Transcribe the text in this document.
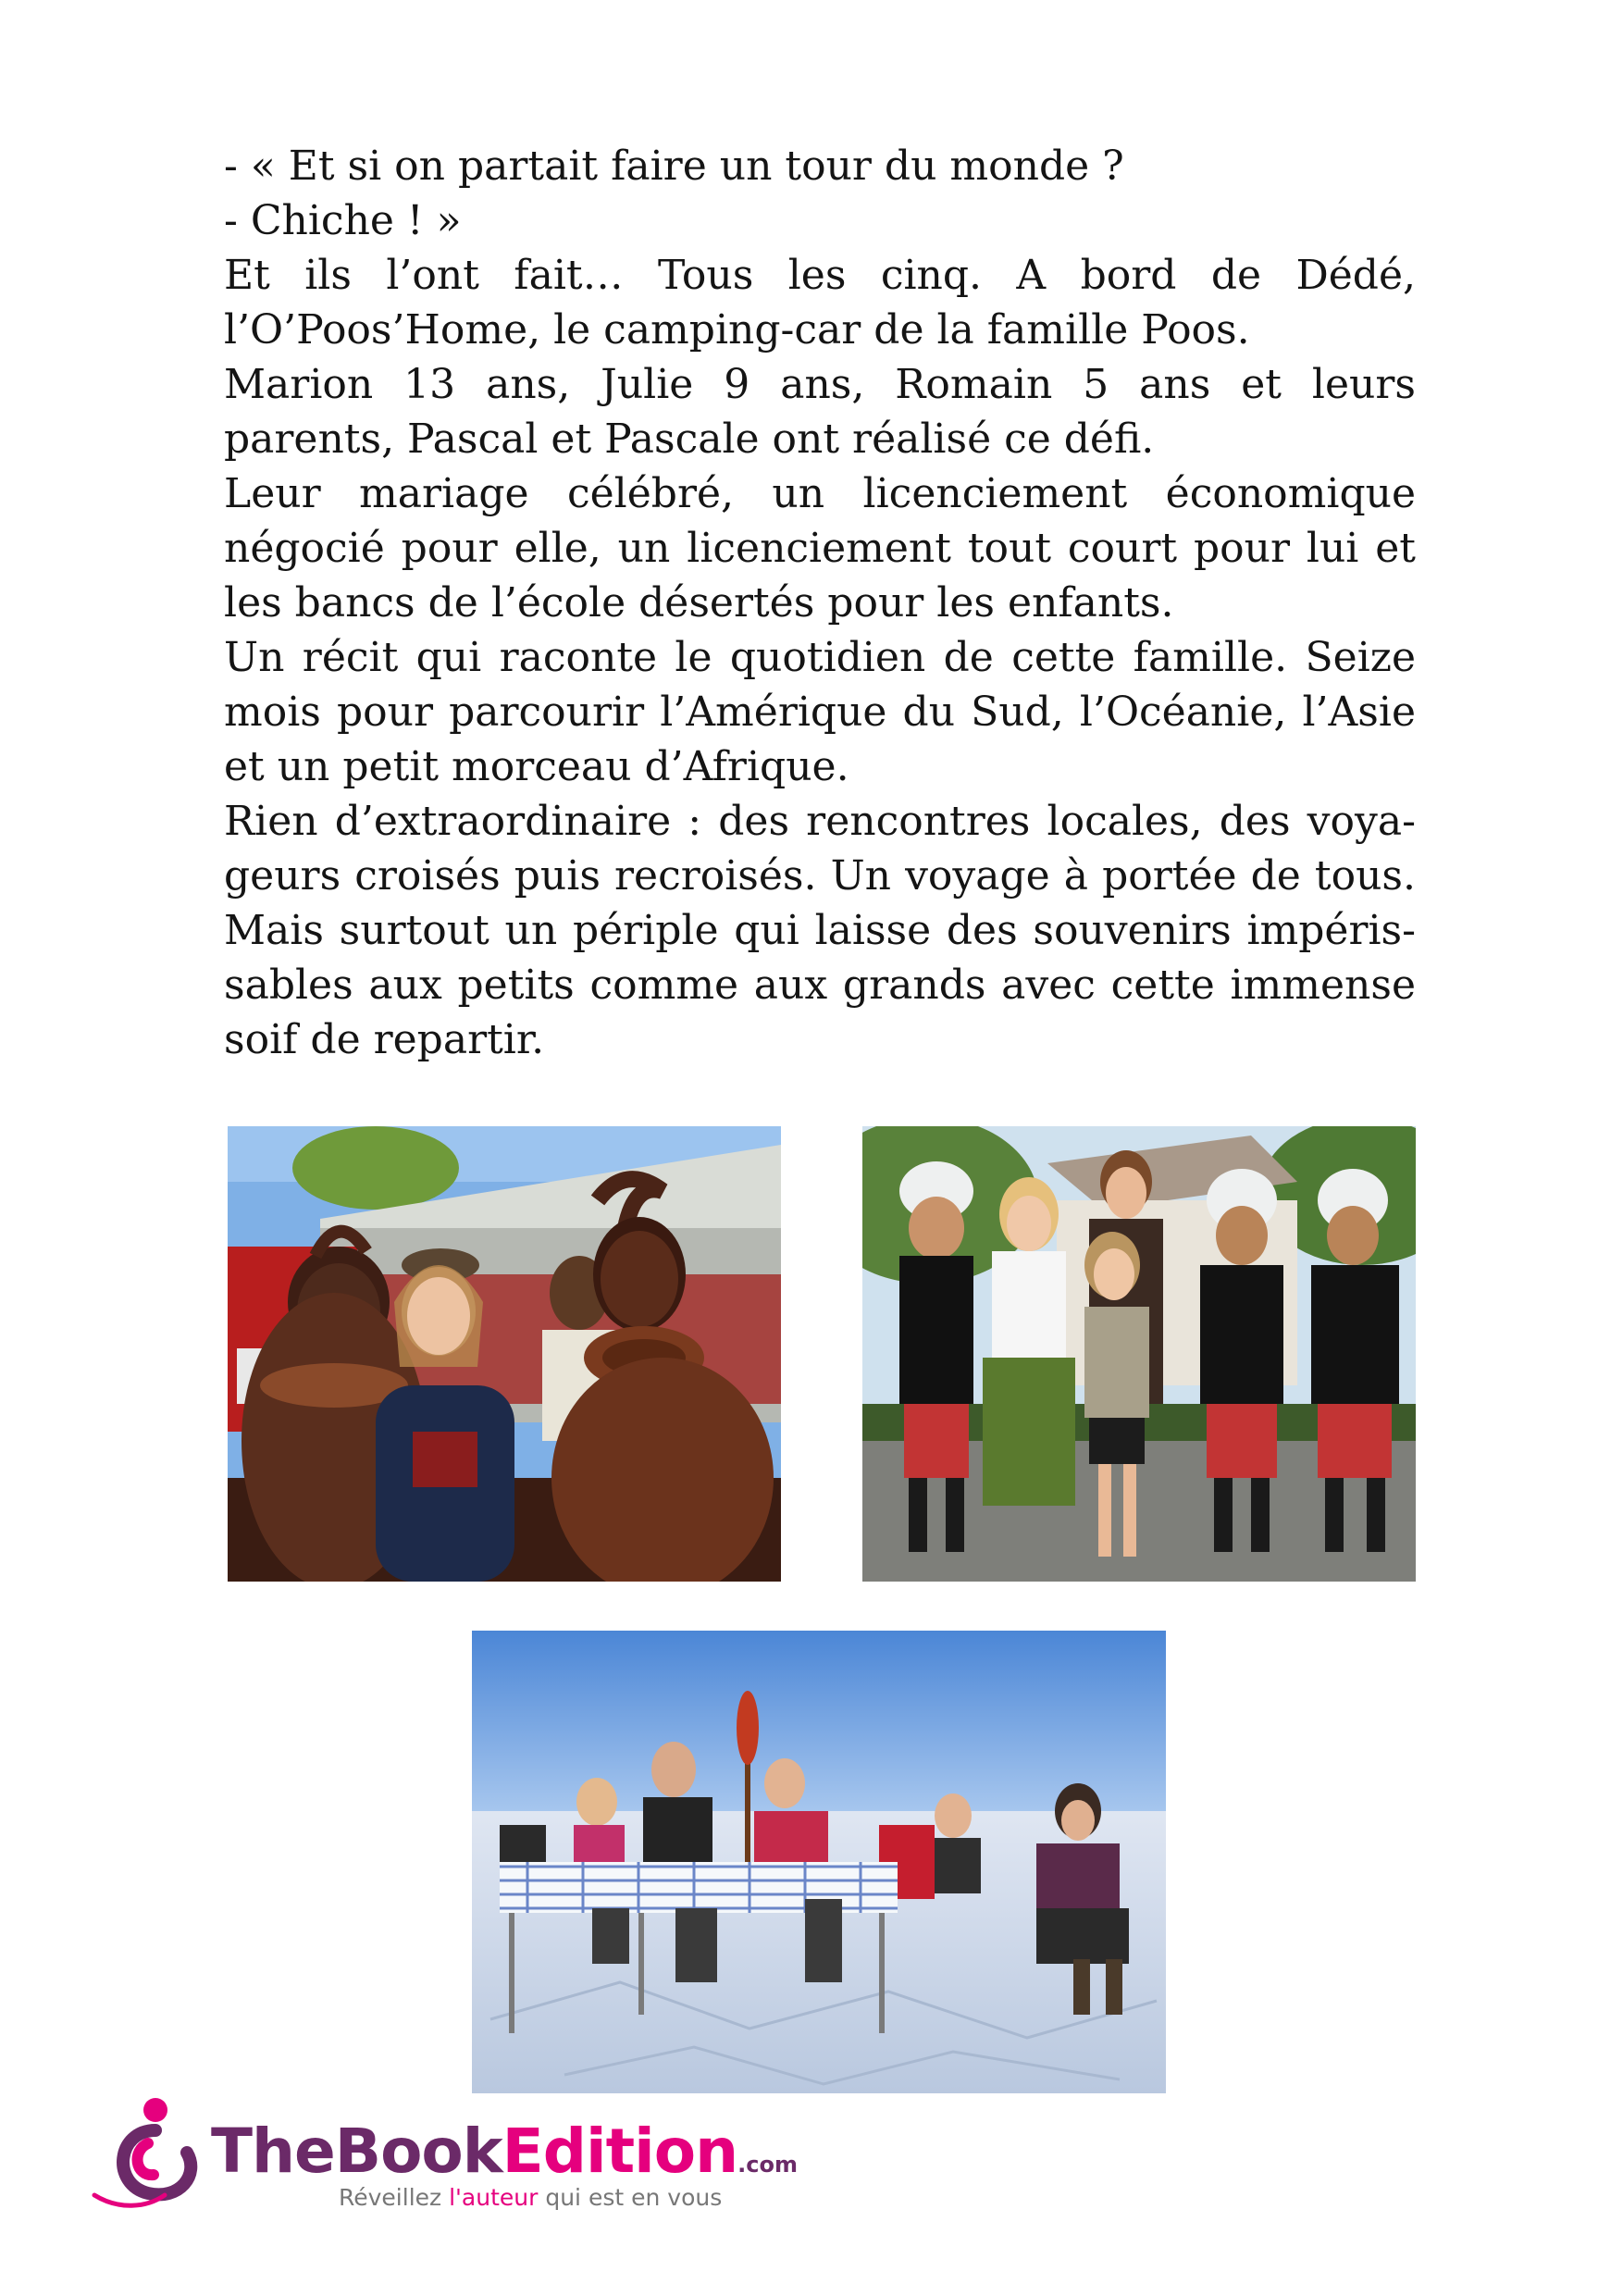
- « Et si on partait faire un tour du monde ?

- Chiche ! »

Et ils l’ont fait… Tous les cinq. A bord de Dédé, l’O’Poos’Home, le camping-car de la famille Poos.

Marion 13 ans, Julie 9 ans, Romain 5 ans et leurs parents, Pascal et Pascale ont réalisé ce défi.

Leur mariage célébré, un licenciement économique négocié pour elle, un licenciement tout court pour lui et les bancs de l’école désertés pour les enfants.

Un récit qui raconte le quotidien de cette famille. Seize mois pour parcourir l’Amérique du Sud, l’Océanie, l’Asie et un petit morceau d’Afrique.

Rien d’extraordinaire : des rencontres locales, des voyageurs croisés puis recroisés. Un voyage à portée de tous. Mais surtout un périple qui laisse des souvenirs impérissables aux petits comme aux grands avec cette immense soif de repartir.

TheBookEdition.com
Réveillez l'auteur qui est en vous
